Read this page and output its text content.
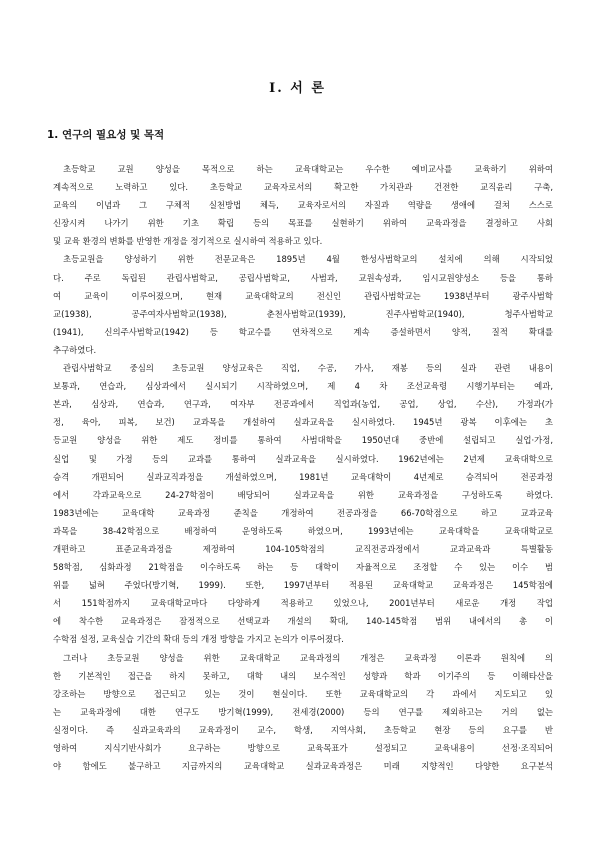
I. 서 론
1. 연구의 필요성 및 목적
초등학교 교원 양성을 목적으로 하는 교육대학교는 우수한 예비교사를 교육하기 위하여
계속적으로 노력하고 있다. 초등학교 교육자로서의 확고한 가치관과 건전한 교직윤리 구축,
교육의 이념과 그 구체적 실천방법 체득, 교육자로서의 자질과 역량을 생애에 걸쳐 스스로
신장시켜 나가기 위한 기초 확립 등의 목표를 실현하기 위하여 교육과정을 결정하고 사회
및 교육 환경의 변화를 반영한 개정을 정기적으로 실시하여 적용하고 있다.
초등교원을 양성하기 위한 전문교육은 1895년 4월 한성사범학교의 설치에 의해 시작되었
다. 주로 독립된 관립사범학교, 공립사범학교, 사범과, 교원속성과, 임시교원양성소 등을 통하
여 교육이 이루어졌으며, 현재 교육대학교의 전신인 관립사범학교는 1938년부터 광주사범학
교(1938), 공주여자사범학교(1938), 춘천사범학교(1939), 진주사범학교(1940), 청주사범학교
(1941), 신의주사범학교(1942) 등 학교수를 연차적으로 계속 증설하면서 양적, 질적 확대를
추구하였다.
관립사범학교 중심의 초등교원 양성교육은 직업, 수공, 가사, 재봉 등의 실과 관련 내용이
보통과, 연습과, 심상과에서 실시되기 시작하였으며, 제 4 차 조선교육령 시행기부터는 예과,
본과, 심상과, 연습과, 연구과, 여자부 전공과에서 직업과(농업, 공업, 상업, 수산), 가정과(가
정, 육아, 피복, 보건) 교과목을 개설하여 실과교육을 실시하였다. 1945년 광복 이후에는 초
등교원 양성을 위한 제도 정비를 통하여 사범대학을 1950년대 중반에 설립되고 실업·가정,
실업 및 가정 등의 교과를 통하여 실과교육을 실시하였다. 1962년에는 2년제 교육대학으로
승격 개편되어 실과교직과정을 개설하였으며, 1981년 교육대학이 4년제로 승격되어 전공과정
에서 각과교육으로 24-27학점이 배당되어 실과교육을 위한 교육과정을 구성하도록 하였다.
1983년에는 교육대학 교육과정 준칙을 개정하여 전공과정을 66-70학점으로 하고 교과교육
과목을 38-42학점으로 배정하여 운영하도록 하였으며, 1993년에는 교육대학을 교육대학교로
개편하고 표준교육과정을 제정하여 104-105학점의 교직전공과정에서 교과교육과 특별활동
58학점, 심화과정 21학점을 이수하도록 하는 등 대학이 자율적으로 조정할 수 있는 이수 범
위를 넓혀 주었다(방기혁, 1999). 또한, 1997년부터 적용된 교육대학교 교육과정은 145학점에
서 151학점까지 교육대학교마다 다양하게 적용하고 있었으나, 2001년부터 새로운 개정 작업
에 착수한 교육과정은 잠정적으로 선택교과 개설의 확대, 140-145학점 범위 내에서의 총 이
수학점 설정, 교육실습 기간의 확대 등의 개정 방향을 가지고 논의가 이루어졌다.
그러나 초등교원 양성을 위한 교육대학교 교육과정의 개정은 교육과정 이론과 원칙에 의
한 기본적인 접근을 하지 못하고, 대학 내의 보수적인 성향과 학과 이기주의 등 이해타산을
강조하는 방향으로 접근되고 있는 것이 현실이다. 또한 교육대학교의 각 과에서 지도되고 있
는 교육과정에 대한 연구도 방기혁(1999), 전세경(2000) 등의 연구를 제외하고는 거의 없는
실정이다. 즉 실과교육과의 교육과정이 교수, 학생, 지역사회, 초등학교 현장 등의 요구를 반
영하여 지식기반사회가 요구하는 방향으로 교육목표가 설정되고 교육내용이 선정·조직되어
야 함에도 불구하고 지금까지의 교육대학교 실과교육과정은 미래 지향적인 다양한 요구분석
